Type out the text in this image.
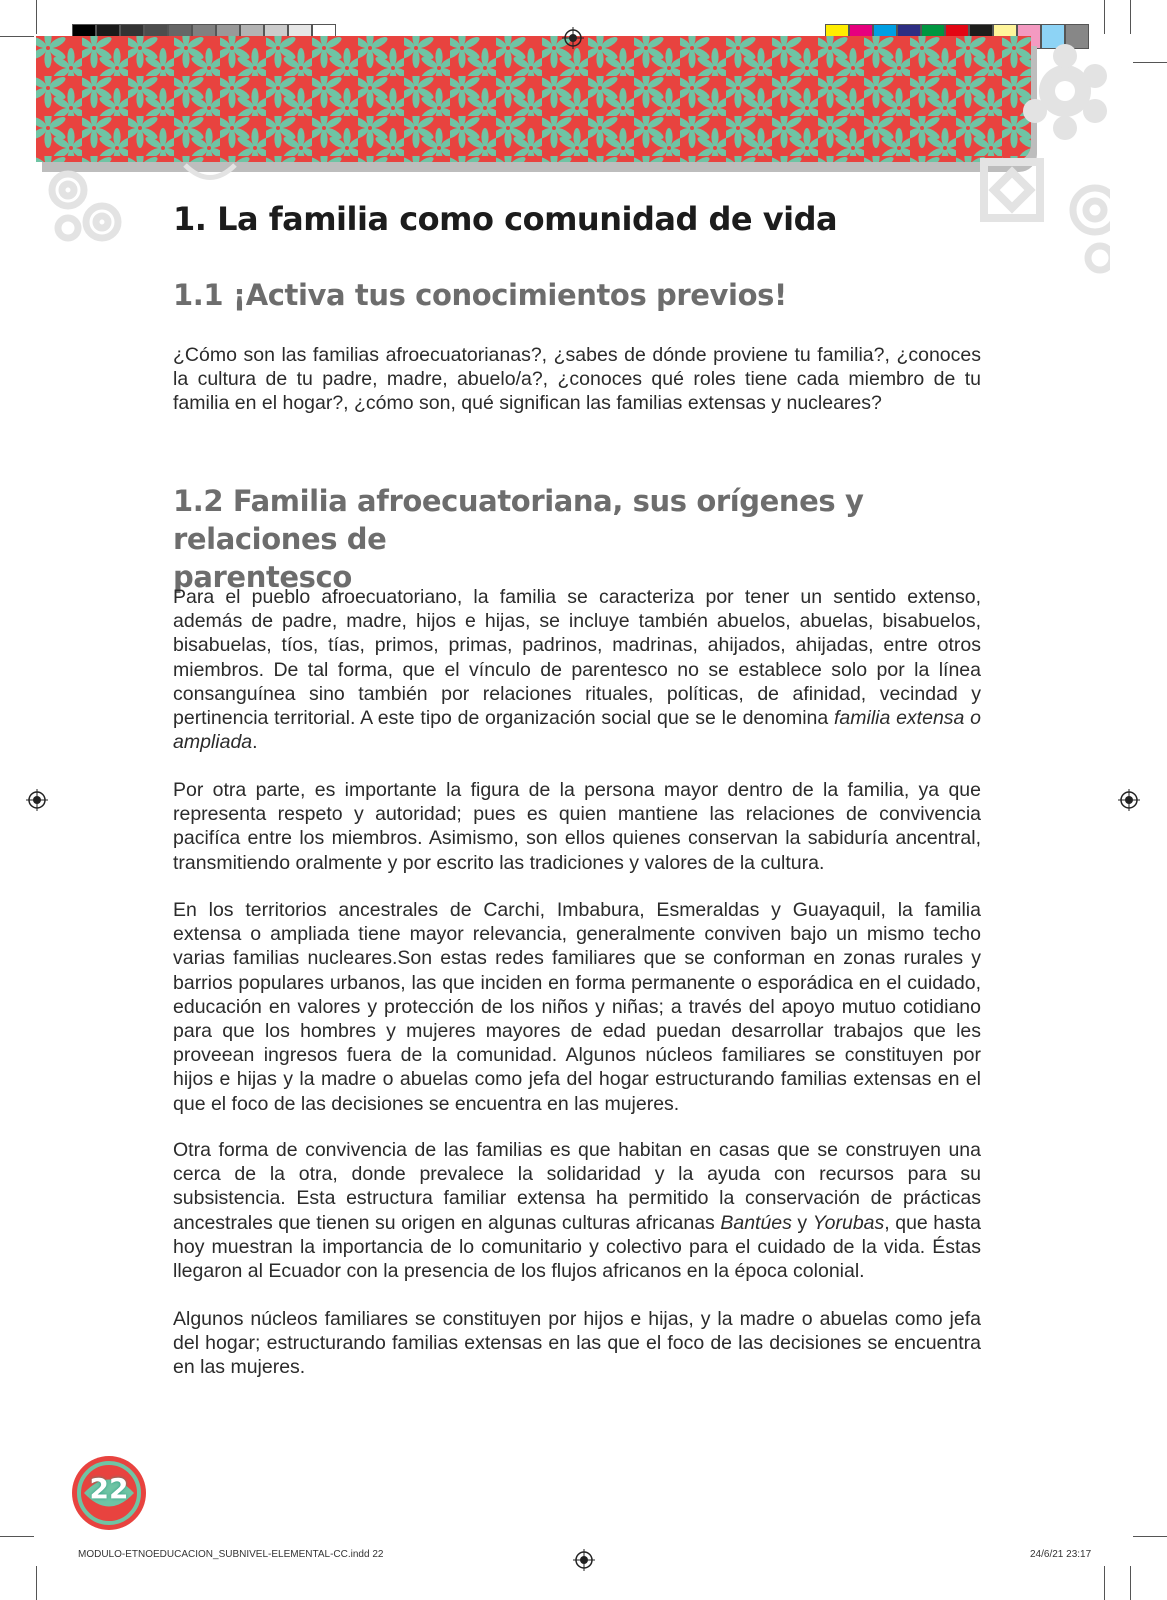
1. La familia como comunidad de vida
1.1 ¡Activa tus conocimientos previos!

¿Cómo son las familias afroecuatorianas?, ¿sabes de dónde proviene tu familia?, ¿conoces la cultura de tu padre, madre, abuelo/a?, ¿conoces qué roles tiene cada miembro de tu familia en el hogar?, ¿cómo son, qué significan las familias extensas y nucleares?

1.2 Familia afroecuatoriana, sus orígenes y relaciones de
parentesco

Para el pueblo afroecuatoriano, la familia se caracteriza por tener un sentido extenso, además de padre, madre, hijos e hijas, se incluye también abuelos, abuelas, bisabuelos, bisabuelas, tíos, tías, primos, primas, padrinos, madrinas, ahijados, ahijadas, entre otros miembros. De tal forma, que el vínculo de parentesco no se establece solo por la línea consanguínea sino también por relaciones rituales, políticas, de afinidad, vecindad y pertinencia territorial. A este tipo de organización social que se le denomina familia extensa o ampliada.

Por otra parte, es importante la figura de la persona mayor dentro de la familia, ya que representa respeto y autoridad; pues es quien mantiene las relaciones de convivencia pacifíca entre los miembros. Asimismo, son ellos quienes conservan la sabiduría ancentral, transmitiendo oralmente y por escrito las tradiciones y valores de la cultura.

En los territorios ancestrales de Carchi, Imbabura, Esmeraldas y Guayaquil, la familia extensa o ampliada tiene mayor relevancia, generalmente conviven bajo un mismo techo varias familias nucleares.Son estas redes familiares que se conforman en zonas rurales y barrios populares urbanos, las que inciden en forma permanente o esporádica en el cuidado, educación en valores y protección de los niños y niñas; a través del apoyo mutuo cotidiano para que los hombres y mujeres mayores de edad puedan desarrollar trabajos que les proveean ingresos fuera de la comunidad. Algunos núcleos familiares se constituyen por hijos e hijas y la madre o abuelas como jefa del hogar estructurando familias extensas en el que el foco de las decisiones se encuentra en las mujeres.

Otra forma de convivencia de las familias es que habitan en casas que se construyen una cerca de la otra, donde prevalece la solidaridad y la ayuda con recursos para su subsistencia. Esta estructura familiar extensa ha permitido la conservación de prácticas ancestrales que tienen su origen en algunas culturas africanas Bantúes y Yorubas, que hasta hoy muestran la importancia de lo comunitario y colectivo para el cuidado de la vida. Éstas llegaron al Ecuador con la presencia de los flujos africanos en la época colonial.

Algunos núcleos familiares se constituyen por hijos e hijas, y la madre o abuelas como jefa del hogar; estructurando familias extensas en las que el foco de las decisiones se encuentra en las mujeres.

22
MODULO-ETNOEDUCACION_SUBNIVEL-ELEMENTAL-CC.indd 22	24/6/21 23:17
